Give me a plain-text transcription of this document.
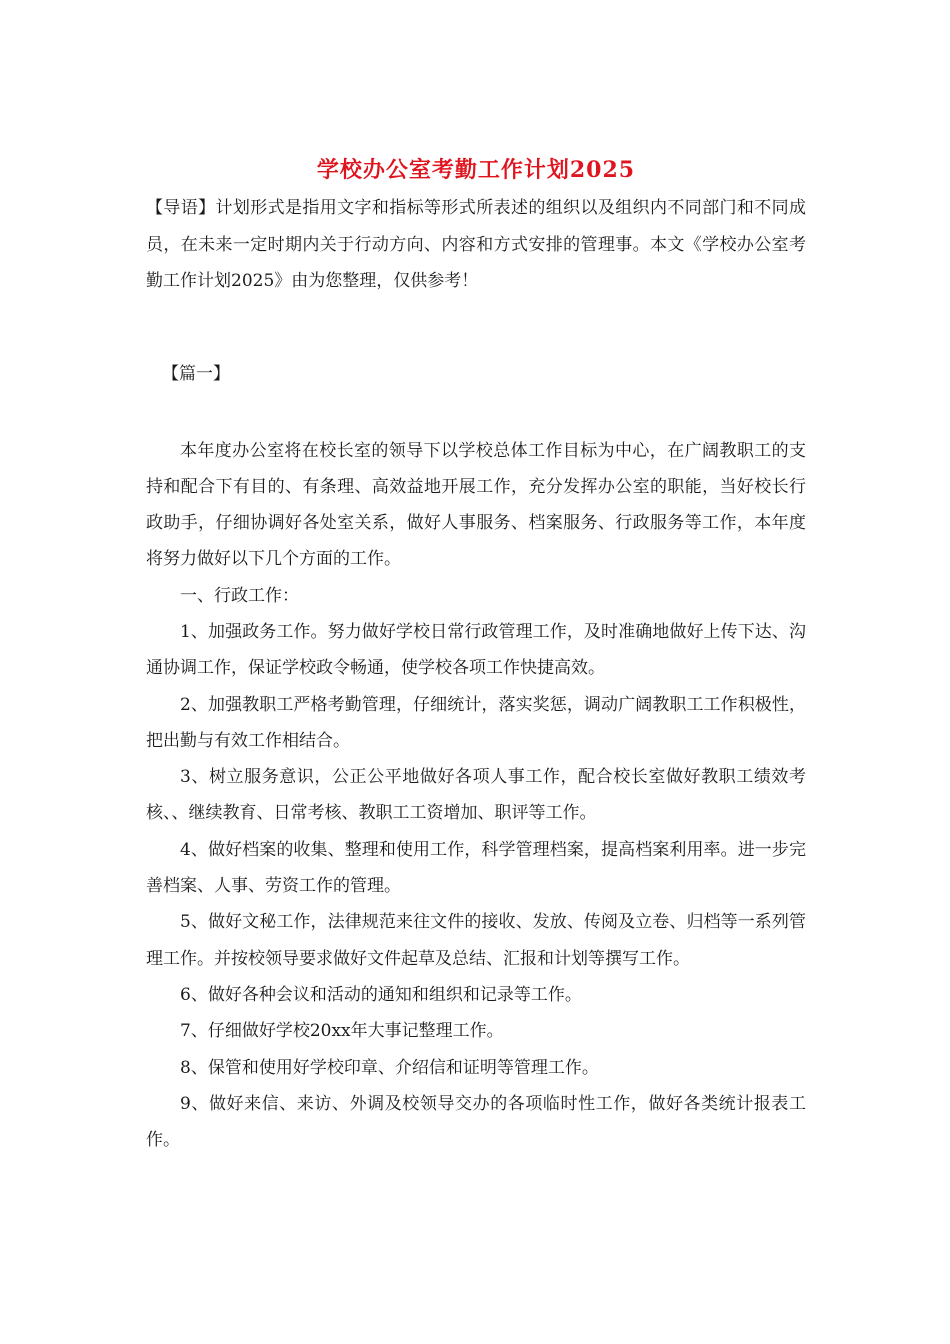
学校办公室考勤工作计划2025

【导语】计划形式是指用文字和指标等形式所表述的组织以及组织内不同部门和不同成员，在未来一定时期内关于行动方向、内容和方式安排的管理事。本文《学校办公室考勤工作计划2025》由为您整理，仅供参考！

【篇一】

本年度办公室将在校长室的领导下以学校总体工作目标为中心，在广阔教职工的支持和配合下有目的、有条理、高效益地开展工作，充分发挥办公室的职能，当好校长行政助手，仔细协调好各处室关系，做好人事服务、档案服务、行政服务等工作，本年度将努力做好以下几个方面的工作。

一、行政工作：

1、加强政务工作。努力做好学校日常行政管理工作，及时准确地做好上传下达、沟通协调工作，保证学校政令畅通，使学校各项工作快捷高效。

2、加强教职工严格考勤管理，仔细统计，落实奖惩，调动广阔教职工工作积极性，把出勤与有效工作相结合。

3、树立服务意识，公正公平地做好各项人事工作，配合校长室做好教职工绩效考核、、继续教育、日常考核、教职工工资增加、职评等工作。

4、做好档案的收集、整理和使用工作，科学管理档案，提高档案利用率。进一步完善档案、人事、劳资工作的管理。

5、做好文秘工作，法律规范来往文件的接收、发放、传阅及立卷、归档等一系列管理工作。并按校领导要求做好文件起草及总结、汇报和计划等撰写工作。

6、做好各种会议和活动的通知和组织和记录等工作。

7、仔细做好学校20xx年大事记整理工作。

8、保管和使用好学校印章、介绍信和证明等管理工作。

9、做好来信、来访、外调及校领导交办的各项临时性工作，做好各类统计报表工作。
